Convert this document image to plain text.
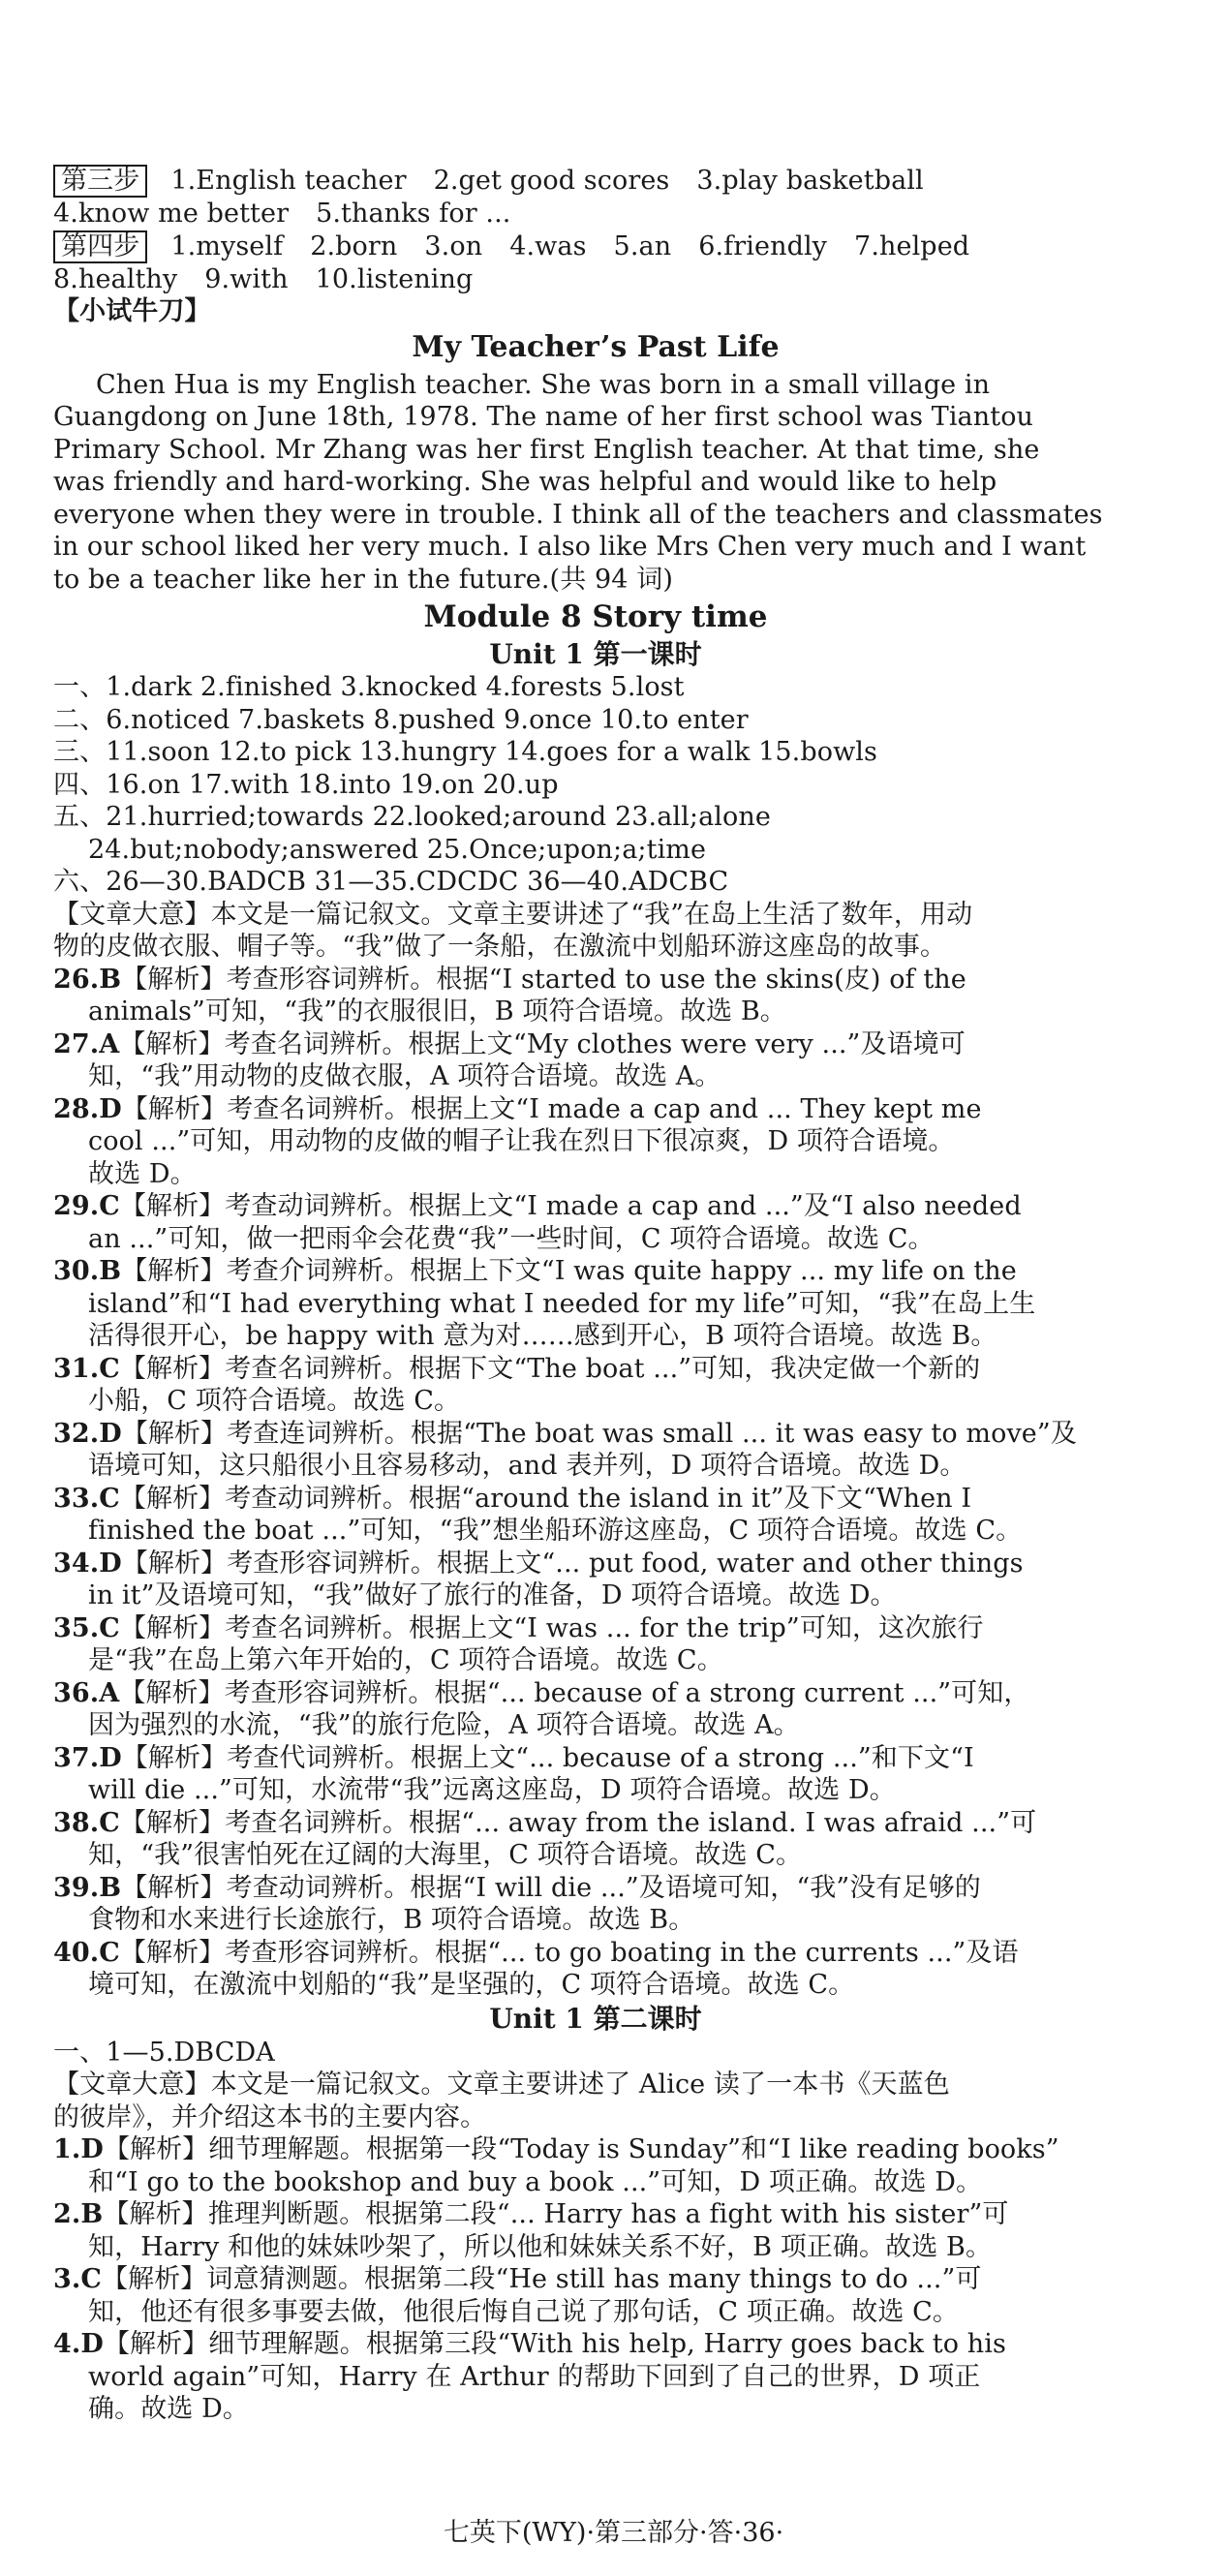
第三步 1.English teacher 2.get good scores 3.play basketball
4.know me better 5.thanks for ...
第四步 1.myself 2.born 3.on 4.was 5.an 6.friendly 7.helped
8.healthy 9.with 10.listening
【小试牛刀】
My Teacher’s Past Life
Chen Hua is my English teacher. She was born in a small village in
Guangdong on June 18th, 1978. The name of her first school was Tiantou
Primary School. Mr Zhang was her first English teacher. At that time, she
was friendly and hard-working. She was helpful and would like to help
everyone when they were in trouble. I think all of the teachers and classmates
in our school liked her very much. I also like Mrs Chen very much and I want
to be a teacher like her in the future.(共 94 词)
Module 8 Story time
Unit 1 第一课时
一、1.dark 2.finished 3.knocked 4.forests 5.lost
二、6.noticed 7.baskets 8.pushed 9.once 10.to enter
三、11.soon 12.to pick 13.hungry 14.goes for a walk 15.bowls
四、16.on 17.with 18.into 19.on 20.up
五、21.hurried;towards 22.looked;around 23.all;alone
24.but;nobody;answered 25.Once;upon;a;time
六、26—30.BADCB 31—35.CDCDC 36—40.ADCBC
【文章大意】本文是一篇记叙文。文章主要讲述了“我”在岛上生活了数年，用动
物的皮做衣服、帽子等。“我”做了一条船，在激流中划船环游这座岛的故事。
26.B【解析】考查形容词辨析。根据“I started to use the skins(皮) of the
animals”可知，“我”的衣服很旧，B 项符合语境。故选 B。
27.A【解析】考查名词辨析。根据上文“My clothes were very ...”及语境可
知，“我”用动物的皮做衣服，A 项符合语境。故选 A。
28.D【解析】考查名词辨析。根据上文“I made a cap and ... They kept me
cool ...”可知，用动物的皮做的帽子让我在烈日下很凉爽，D 项符合语境。
故选 D。
29.C【解析】考查动词辨析。根据上文“I made a cap and ...”及“I also needed
an ...”可知，做一把雨伞会花费“我”一些时间，C 项符合语境。故选 C。
30.B【解析】考查介词辨析。根据上下文“I was quite happy ... my life on the
island”和“I had everything what I needed for my life”可知，“我”在岛上生
活得很开心，be happy with 意为对……感到开心，B 项符合语境。故选 B。
31.C【解析】考查名词辨析。根据下文“The boat ...”可知，我决定做一个新的
小船，C 项符合语境。故选 C。
32.D【解析】考查连词辨析。根据“The boat was small ... it was easy to move”及
语境可知，这只船很小且容易移动，and 表并列，D 项符合语境。故选 D。
33.C【解析】考查动词辨析。根据“around the island in it”及下文“When I
finished the boat ...”可知，“我”想坐船环游这座岛，C 项符合语境。故选 C。
34.D【解析】考查形容词辨析。根据上文“... put food, water and other things
in it”及语境可知，“我”做好了旅行的准备，D 项符合语境。故选 D。
35.C【解析】考查名词辨析。根据上文“I was ... for the trip”可知，这次旅行
是“我”在岛上第六年开始的，C 项符合语境。故选 C。
36.A【解析】考查形容词辨析。根据“... because of a strong current ...”可知，
因为强烈的水流，“我”的旅行危险，A 项符合语境。故选 A。
37.D【解析】考查代词辨析。根据上文“... because of a strong ...”和下文“I
will die ...”可知，水流带“我”远离这座岛，D 项符合语境。故选 D。
38.C【解析】考查名词辨析。根据“... away from the island. I was afraid ...”可
知，“我”很害怕死在辽阔的大海里，C 项符合语境。故选 C。
39.B【解析】考查动词辨析。根据“I will die ...”及语境可知，“我”没有足够的
食物和水来进行长途旅行，B 项符合语境。故选 B。
40.C【解析】考查形容词辨析。根据“... to go boating in the currents ...”及语
境可知，在激流中划船的“我”是坚强的，C 项符合语境。故选 C。
Unit 1 第二课时
一、1—5.DBCDA
【文章大意】本文是一篇记叙文。文章主要讲述了 Alice 读了一本书《天蓝色
的彼岸》，并介绍这本书的主要内容。
1.D【解析】细节理解题。根据第一段“Today is Sunday”和“I like reading books”
和“I go to the bookshop and buy a book ...”可知，D 项正确。故选 D。
2.B【解析】推理判断题。根据第二段“... Harry has a fight with his sister”可
知，Harry 和他的妹妹吵架了，所以他和妹妹关系不好，B 项正确。故选 B。
3.C【解析】词意猜测题。根据第二段“He still has many things to do ...”可
知，他还有很多事要去做，他很后悔自己说了那句话，C 项正确。故选 C。
4.D【解析】细节理解题。根据第三段“With his help, Harry goes back to his
world again”可知，Harry 在 Arthur 的帮助下回到了自己的世界，D 项正
确。故选 D。
七英下(WY)·第三部分·答·36·
